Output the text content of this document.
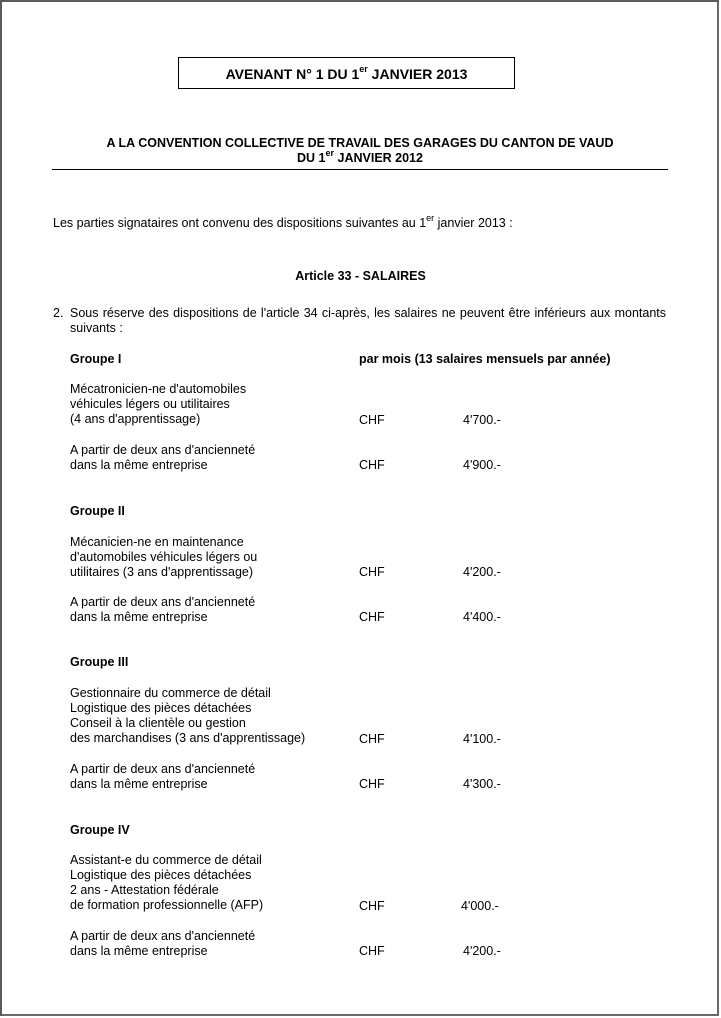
AVENANT N° 1 DU 1er JANVIER 2013
A LA CONVENTION COLLECTIVE DE TRAVAIL DES GARAGES DU CANTON DE VAUD
DU 1er JANVIER 2012
Les parties signataires ont convenu des dispositions suivantes au 1er janvier 2013 :
Article 33 - SALAIRES
2. Sous réserve des dispositions de l'article 34 ci-après, les salaires ne peuvent être inférieurs aux montants suivants :
par mois (13 salaires mensuels par année)
Groupe I
Mécatronicien-ne d'automobiles
véhicules légers ou utilitaires
(4 ans d'apprentissage)	CHF	4'700.-
A partir de deux ans d'ancienneté
dans la même entreprise	CHF	4'900.-
Groupe II
Mécanicien-ne en maintenance
d'automobiles véhicules légers ou
utilitaires (3 ans d'apprentissage)	CHF	4'200.-
A partir de deux ans d'ancienneté
dans la même entreprise	CHF	4'400.-
Groupe III
Gestionnaire du commerce de détail
Logistique des pièces détachées
Conseil à la clientèle ou gestion
des marchandises (3 ans d'apprentissage)	CHF	4'100.-
A partir de deux ans d'ancienneté
dans la même entreprise	CHF	4'300.-
Groupe IV
Assistant-e du commerce de détail
Logistique des pièces détachées
2 ans - Attestation fédérale
de formation professionnelle (AFP)	CHF	4'000.-
A partir de deux ans d'ancienneté
dans la même entreprise	CHF	4'200.-
